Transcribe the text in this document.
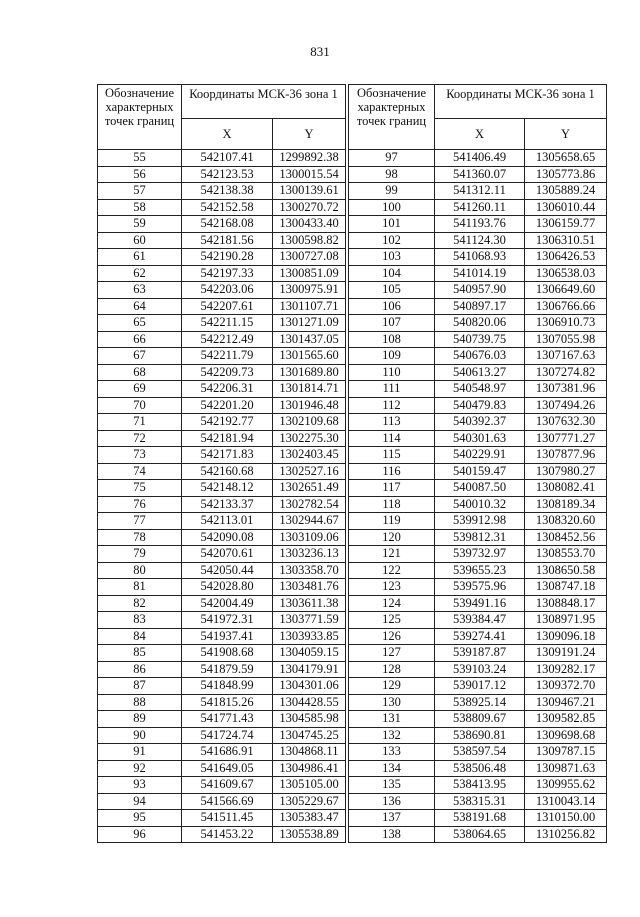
831
Обозначение характерных точек границ	Координаты МСК-36 зона 1	
	X	Y
55	542107.41	1299892.38
56	542123.53	1300015.54
57	542138.38	1300139.61
58	542152.58	1300270.72
59	542168.08	1300433.40
60	542181.56	1300598.82
61	542190.28	1300727.08
62	542197.33	1300851.09
63	542203.06	1300975.91
64	542207.61	1301107.71
65	542211.15	1301271.09
66	542212.49	1301437.05
67	542211.79	1301565.60
68	542209.73	1301689.80
69	542206.31	1301814.71
70	542201.20	1301946.48
71	542192.77	1302109.68
72	542181.94	1302275.30
73	542171.83	1302403.45
74	542160.68	1302527.16
75	542148.12	1302651.49
76	542133.37	1302782.54
77	542113.01	1302944.67
78	542090.08	1303109.06
79	542070.61	1303236.13
80	542050.44	1303358.70
81	542028.80	1303481.76
82	542004.49	1303611.38
83	541972.31	1303771.59
84	541937.41	1303933.85
85	541908.68	1304059.15
86	541879.59	1304179.91
87	541848.99	1304301.06
88	541815.26	1304428.55
89	541771.43	1304585.98
90	541724.74	1304745.25
91	541686.91	1304868.11
92	541649.05	1304986.41
93	541609.67	1305105.00
94	541566.69	1305229.67
95	541511.45	1305383.47
96	541453.22	1305538.89
Обозначение характерных точек границ	Координаты МСК-36 зона 1	
	X	Y
97	541406.49	1305658.65
98	541360.07	1305773.86
99	541312.11	1305889.24
100	541260.11	1306010.44
101	541193.76	1306159.77
102	541124.30	1306310.51
103	541068.93	1306426.53
104	541014.19	1306538.03
105	540957.90	1306649.60
106	540897.17	1306766.66
107	540820.06	1306910.73
108	540739.75	1307055.98
109	540676.03	1307167.63
110	540613.27	1307274.82
111	540548.97	1307381.96
112	540479.83	1307494.26
113	540392.37	1307632.30
114	540301.63	1307771.27
115	540229.91	1307877.96
116	540159.47	1307980.27
117	540087.50	1308082.41
118	540010.32	1308189.34
119	539912.98	1308320.60
120	539812.31	1308452.56
121	539732.97	1308553.70
122	539655.23	1308650.58
123	539575.96	1308747.18
124	539491.16	1308848.17
125	539384.47	1308971.95
126	539274.41	1309096.18
127	539187.87	1309191.24
128	539103.24	1309282.17
129	539017.12	1309372.70
130	538925.14	1309467.21
131	538809.67	1309582.85
132	538690.81	1309698.68
133	538597.54	1309787.15
134	538506.48	1309871.63
135	538413.95	1309955.62
136	538315.31	1310043.14
137	538191.68	1310150.00
138	538064.65	1310256.82
